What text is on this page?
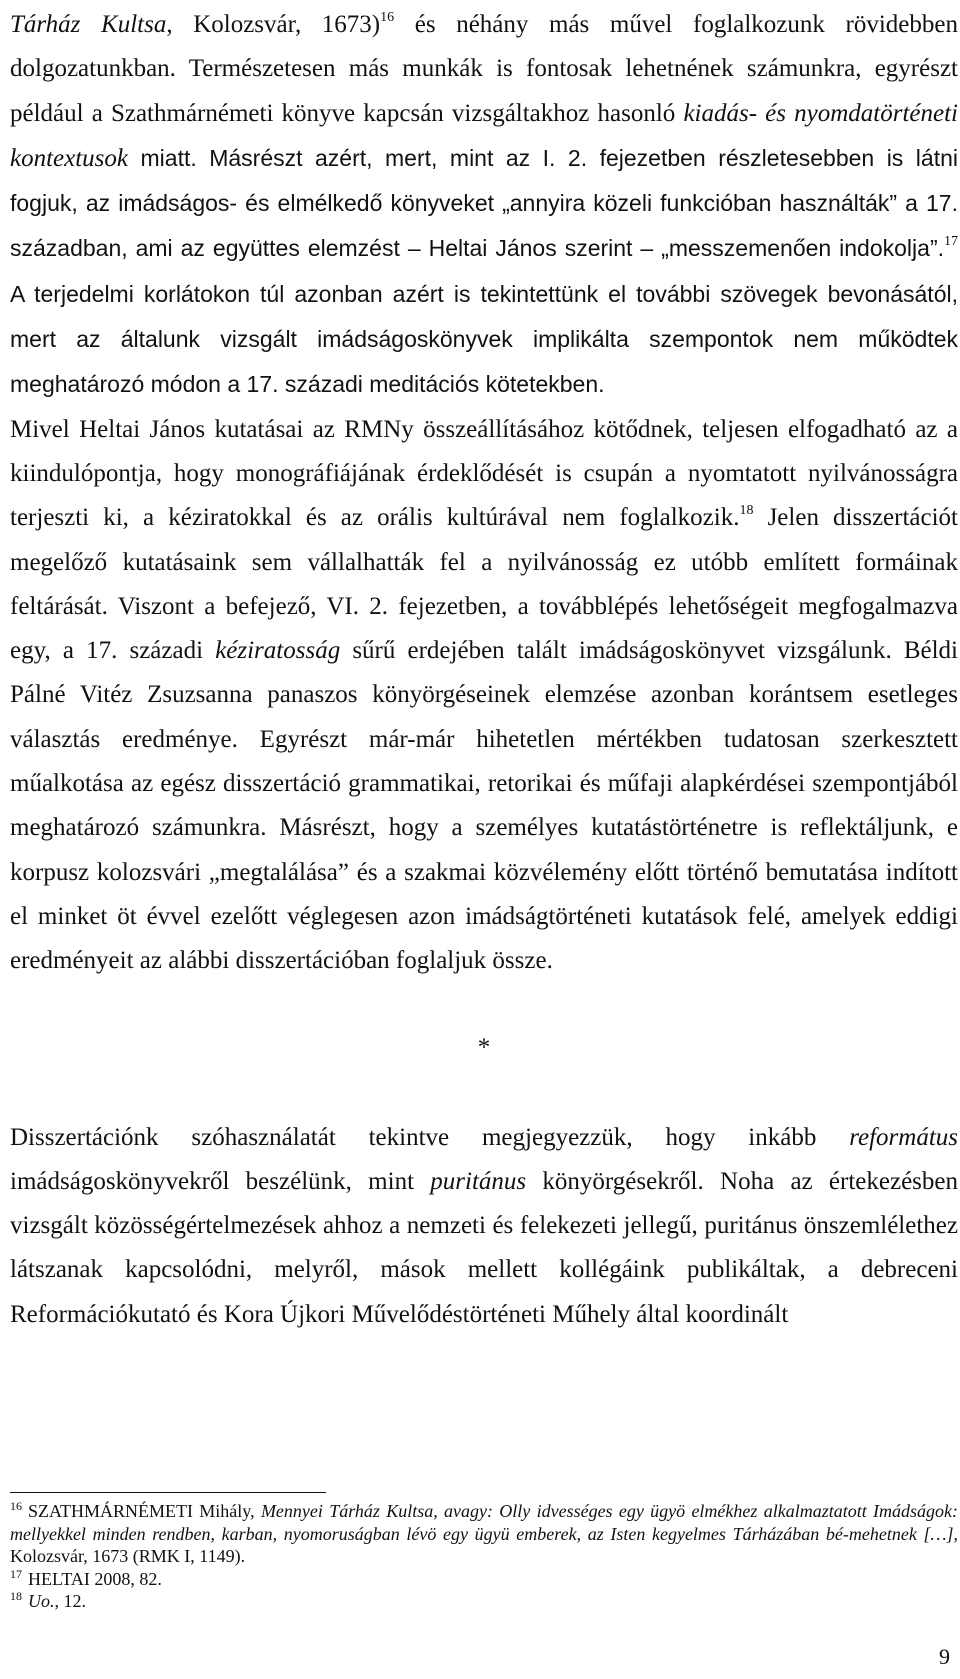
Tárház Kultsa, Kolozsvár, 1673)$^{16}$ és néhány más művel foglalkozunk rövidebben dolgozatunkban. Természetesen más munkák is fontosak lehetnének számunkra, egyrészt például a Szathmárnémeti könyve kapcsán vizsgáltakhoz hasonló kiadás- és nyomdatörténeti kontextusok miatt. Másrészt azért, mert, mint az I. 2. fejezetben részletesebben is látni fogjuk, az imádságos- és elmélkedő könyveket „annyira közeli funkcióban használták” a 17. században, ami az együttes elemzést – Heltai János szerint – „messzemenően indokolja”.$^{17}$ A terjedelmi korlátokon túl azonban azért is tekintettünk el további szövegek bevonásától, mert az általunk vizsgált imádságoskönyvek implikálta szempontok nem működtek meghatározó módon a 17. századi meditációs kötetekben.

Mivel Heltai János kutatásai az RMNy összeállításához kötődnek, teljesen elfogadható az a kiindulópontja, hogy monográfiájának érdeklődését is csupán a nyomtatott nyilvánosságra terjeszti ki, a kéziratokkal és az orális kultúrával nem foglalkozik.$^{18}$ Jelen disszertációt megelőző kutatásaink sem vállalhatták fel a nyilvánosság ez utóbb említett formáinak feltárását. Viszont a befejező, VI. 2. fejezetben, a továbblépés lehetőségeit megfogalmazva egy, a 17. századi kéziratosság sűrű erdejében talált imádságoskönyvet vizsgálunk. Béldi Pálné Vitéz Zsuzsanna panaszos könyörgéseinek elemzése azonban korántsem esetleges választás eredménye. Egyrészt már-már hihetetlen mértékben tudatosan szerkesztett műalkotása az egész disszertáció grammatikai, retorikai és műfaji alapkérdései szempontjából meghatározó számunkra. Másrészt, hogy a személyes kutatástörténetre is reflektáljunk, e korpusz kolozsvári „megtalálása” és a szakmai közvélemény előtt történő bemutatása indított el minket öt évvel ezelőtt véglegesen azon imádságtörténeti kutatások felé, amelyek eddigi eredményeit az alábbi disszertációban foglaljuk össze.

*

Disszertációnk szóhasználatát tekintve megjegyezzük, hogy inkább református imádságoskönyvekről beszélünk, mint puritánus könyörgésekről. Noha az értekezésben vizsgált közösségértelmezések ahhoz a nemzeti és felekezeti jellegű, puritánus önszemlélethez látszanak kapcsolódni, melyről, mások mellett kollégáink publikáltak, a debreceni Reformációkutató és Kora Újkori Művelődéstörténeti Műhely által koordinált

$^{16}$ SZATHMÁRNÉMETI Mihály, Mennyei Tárház Kultsa, avagy: Olly idvességes egy ügyö elmékhez alkalmaztatott Imádságok: mellyekkel minden rendben, karban, nyomoruságban lévö egy ügyü emberek, az Isten kegyelmes Tárházában bé-mehetnek […], Kolozsvár, 1673 (RMK I, 1149).

$^{17}$ HELTAI 2008, 82.

$^{18}$ Uo., 12.

9
